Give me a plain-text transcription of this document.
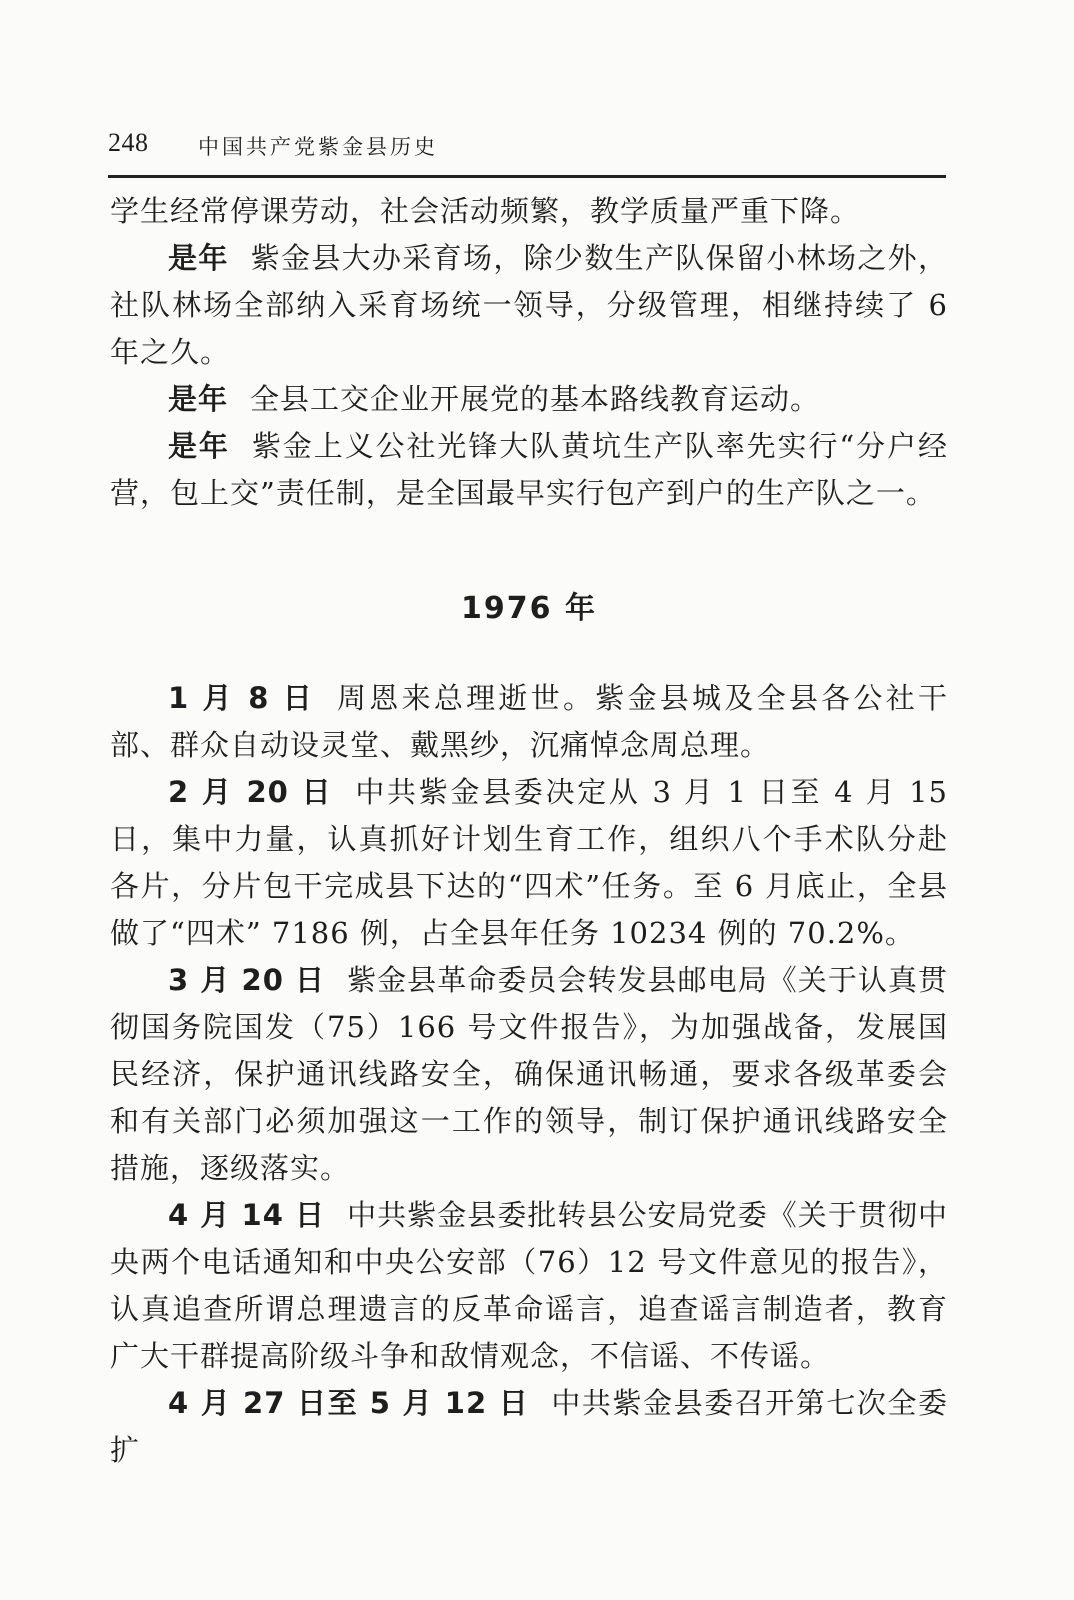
248 中国共产党紫金县历史

学生经常停课劳动，社会活动频繁，教学质量严重下降。

是年 紫金县大办采育场，除少数生产队保留小林场之外，社队林场全部纳入采育场统一领导，分级管理，相继持续了 6 年之久。

是年 全县工交企业开展党的基本路线教育运动。

是年 紫金上义公社光锋大队黄坑生产队率先实行“分户经营，包上交”责任制，是全国最早实行包产到户的生产队之一。

1976 年

1 月 8 日 周恩来总理逝世。紫金县城及全县各公社干部、群众自动设灵堂、戴黑纱，沉痛悼念周总理。

2 月 20 日 中共紫金县委决定从 3 月 1 日至 4 月 15 日，集中力量，认真抓好计划生育工作，组织八个手术队分赴各片，分片包干完成县下达的“四术”任务。至 6 月底止，全县做了“四术” 7186 例，占全县年任务 10234 例的 70.2%。

3 月 20 日 紫金县革命委员会转发县邮电局《关于认真贯彻国务院国发（75）166 号文件报告》，为加强战备，发展国民经济，保护通讯线路安全，确保通讯畅通，要求各级革委会和有关部门必须加强这一工作的领导，制订保护通讯线路安全措施，逐级落实。

4 月 14 日 中共紫金县委批转县公安局党委《关于贯彻中央两个电话通知和中央公安部（76）12 号文件意见的报告》，认真追查所谓总理遗言的反革命谣言，追查谣言制造者，教育广大干群提高阶级斗争和敌情观念，不信谣、不传谣。

4 月 27 日至 5 月 12 日 中共紫金县委召开第七次全委扩
